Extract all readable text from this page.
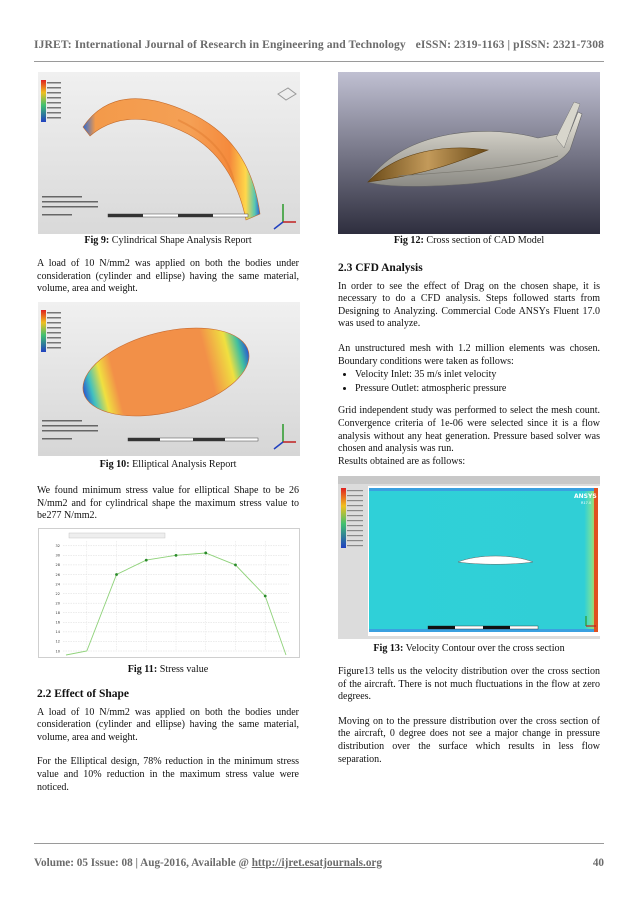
IJRET: International Journal of Research in Engineering and Technology eISSN: 2319-1163 | pISSN: 2321-7308
Fig 9: Cylindrical Shape Analysis Report

A load of 10 N/mm2 was applied on both the bodies under consideration (cylinder and ellipse) having the same material, volume, area and weight.

Fig 10: Elliptical Analysis Report

We found minimum stress value for elliptical Shape to be 26 N/mm2 and for cylindrical shape the maximum stress value to be277 N/mm2.

10
12
14
16
18
20
22
24
26
28
30
32
Fig 11: Stress value
2.2 Effect of Shape

A load of 10 N/mm2 was applied on both the bodies under consideration (cylinder and ellipse) having the same material, volume, area and weight.

For the Elliptical design, 78% reduction in the minimum stress value and 10% reduction in the maximum stress value were noticed.

Fig 12: Cross section of CAD Model
2.3 CFD Analysis

In order to see the effect of Drag on the chosen shape, it is necessary to do a CFD analysis. Steps followed starts from Designing to Analyzing. Commercial Code ANSYs Fluent 17.0 was used to analyze.

An unstructured mesh with 1.2 million elements was chosen. Boundary conditions were taken as follows:

• Velocity Inlet: 35 m/s inlet velocity
• Pressure Outlet: atmospheric pressure

Grid independent study was performed to select the mesh count. Convergence criteria of 1e-06 were selected since it is a flow analysis without any heat generation. Pressure based solver was chosen and analysis was run.

Results obtained are as follows:

ANSYS
R17.0
Fig 13: Velocity Contour over the cross section

Figure13 tells us the velocity distribution over the cross section of the aircraft. There is not much fluctuations in the flow at zero degrees.

Moving on to the pressure distribution over the cross section of the aircraft, 0 degree does not see a major change in pressure distribution over the surface which results in less flow separation.

Volume: 05 Issue: 08 | Aug-2016, Available @ http://ijret.esatjournals.org	40
